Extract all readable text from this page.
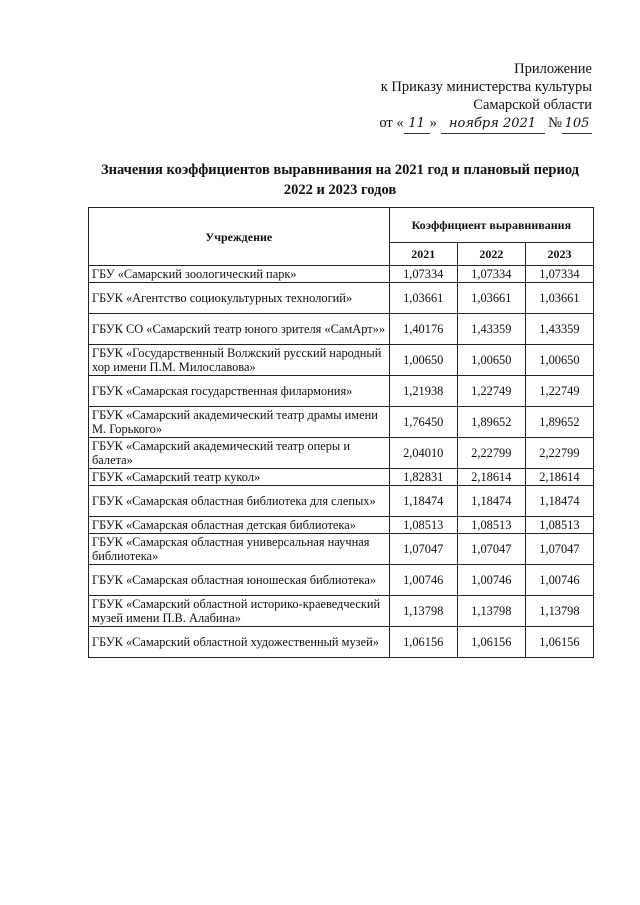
Приложение
к Приказу министерства культуры
Самарской области
от « 11 » ноября 2021 № 105
Значения коэффициентов выравнивания на 2021 год и плановый период
2022 и 2023 годов
Учреждение	Коэффициент выравнивания		
	2021	2022	2023
ГБУ «Самарский зоологический парк»	1,07334	1,07334	1,07334
ГБУК «Агентство социокультурных технологий»	1,03661	1,03661	1,03661
ГБУК СО «Самарский театр юного зрителя «СамАрт»»	1,40176	1,43359	1,43359
ГБУК «Государственный Волжский русский народный хор имени П.М. Милославова»	1,00650	1,00650	1,00650
ГБУК «Самарская государственная филармония»	1,21938	1,22749	1,22749
ГБУК «Самарский академический театр драмы имени М. Горького»	1,76450	1,89652	1,89652
ГБУК «Самарский академический театр оперы и балета»	2,04010	2,22799	2,22799
ГБУК «Самарский театр кукол»	1,82831	2,18614	2,18614
ГБУК «Самарская областная библиотека для слепых»	1,18474	1,18474	1,18474
ГБУК «Самарская областная детская библиотека»	1,08513	1,08513	1,08513
ГБУК «Самарская областная универсальная научная библиотека»	1,07047	1,07047	1,07047
ГБУК «Самарская областная юношеская библиотека»	1,00746	1,00746	1,00746
ГБУК «Самарский областной историко-краеведческий музей имени П.В. Алабина»	1,13798	1,13798	1,13798
ГБУК «Самарский областной художественный музей»	1,06156	1,06156	1,06156
